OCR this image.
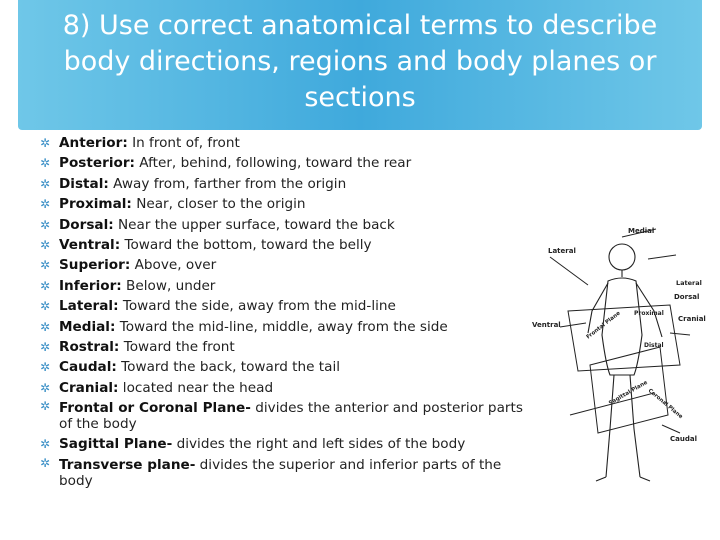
8) Use correct anatomical terms to describe body directions, regions and body planes or sections
✲ Anterior: In front of, front
✲ Posterior: After, behind, following, toward the rear
✲ Distal: Away from, farther from the origin
✲ Proximal: Near, closer to the origin
✲ Dorsal: Near the upper surface, toward the back
✲ Ventral: Toward the bottom, toward the belly
✲ Superior: Above, over
✲ Inferior: Below, under
✲ Lateral: Toward the side, away from the mid-line
✲ Medial: Toward the mid-line, middle, away from the side
✲ Rostral: Toward the front
✲ Caudal: Toward the back, toward the tail
✲ Cranial: located near the head
✲ Frontal or Coronal Plane- divides the anterior and posterior parts of the body
✲ Sagittal Plane- divides the right and left sides of the body
✲ Transverse plane- divides the superior and inferior parts of the body
Lateral
Medial
Lateral
Dorsal
Proximal
Cranial
Ventral
Distal
Caudal
Frontal Plane
Sagittal Plane
Coronal Plane
